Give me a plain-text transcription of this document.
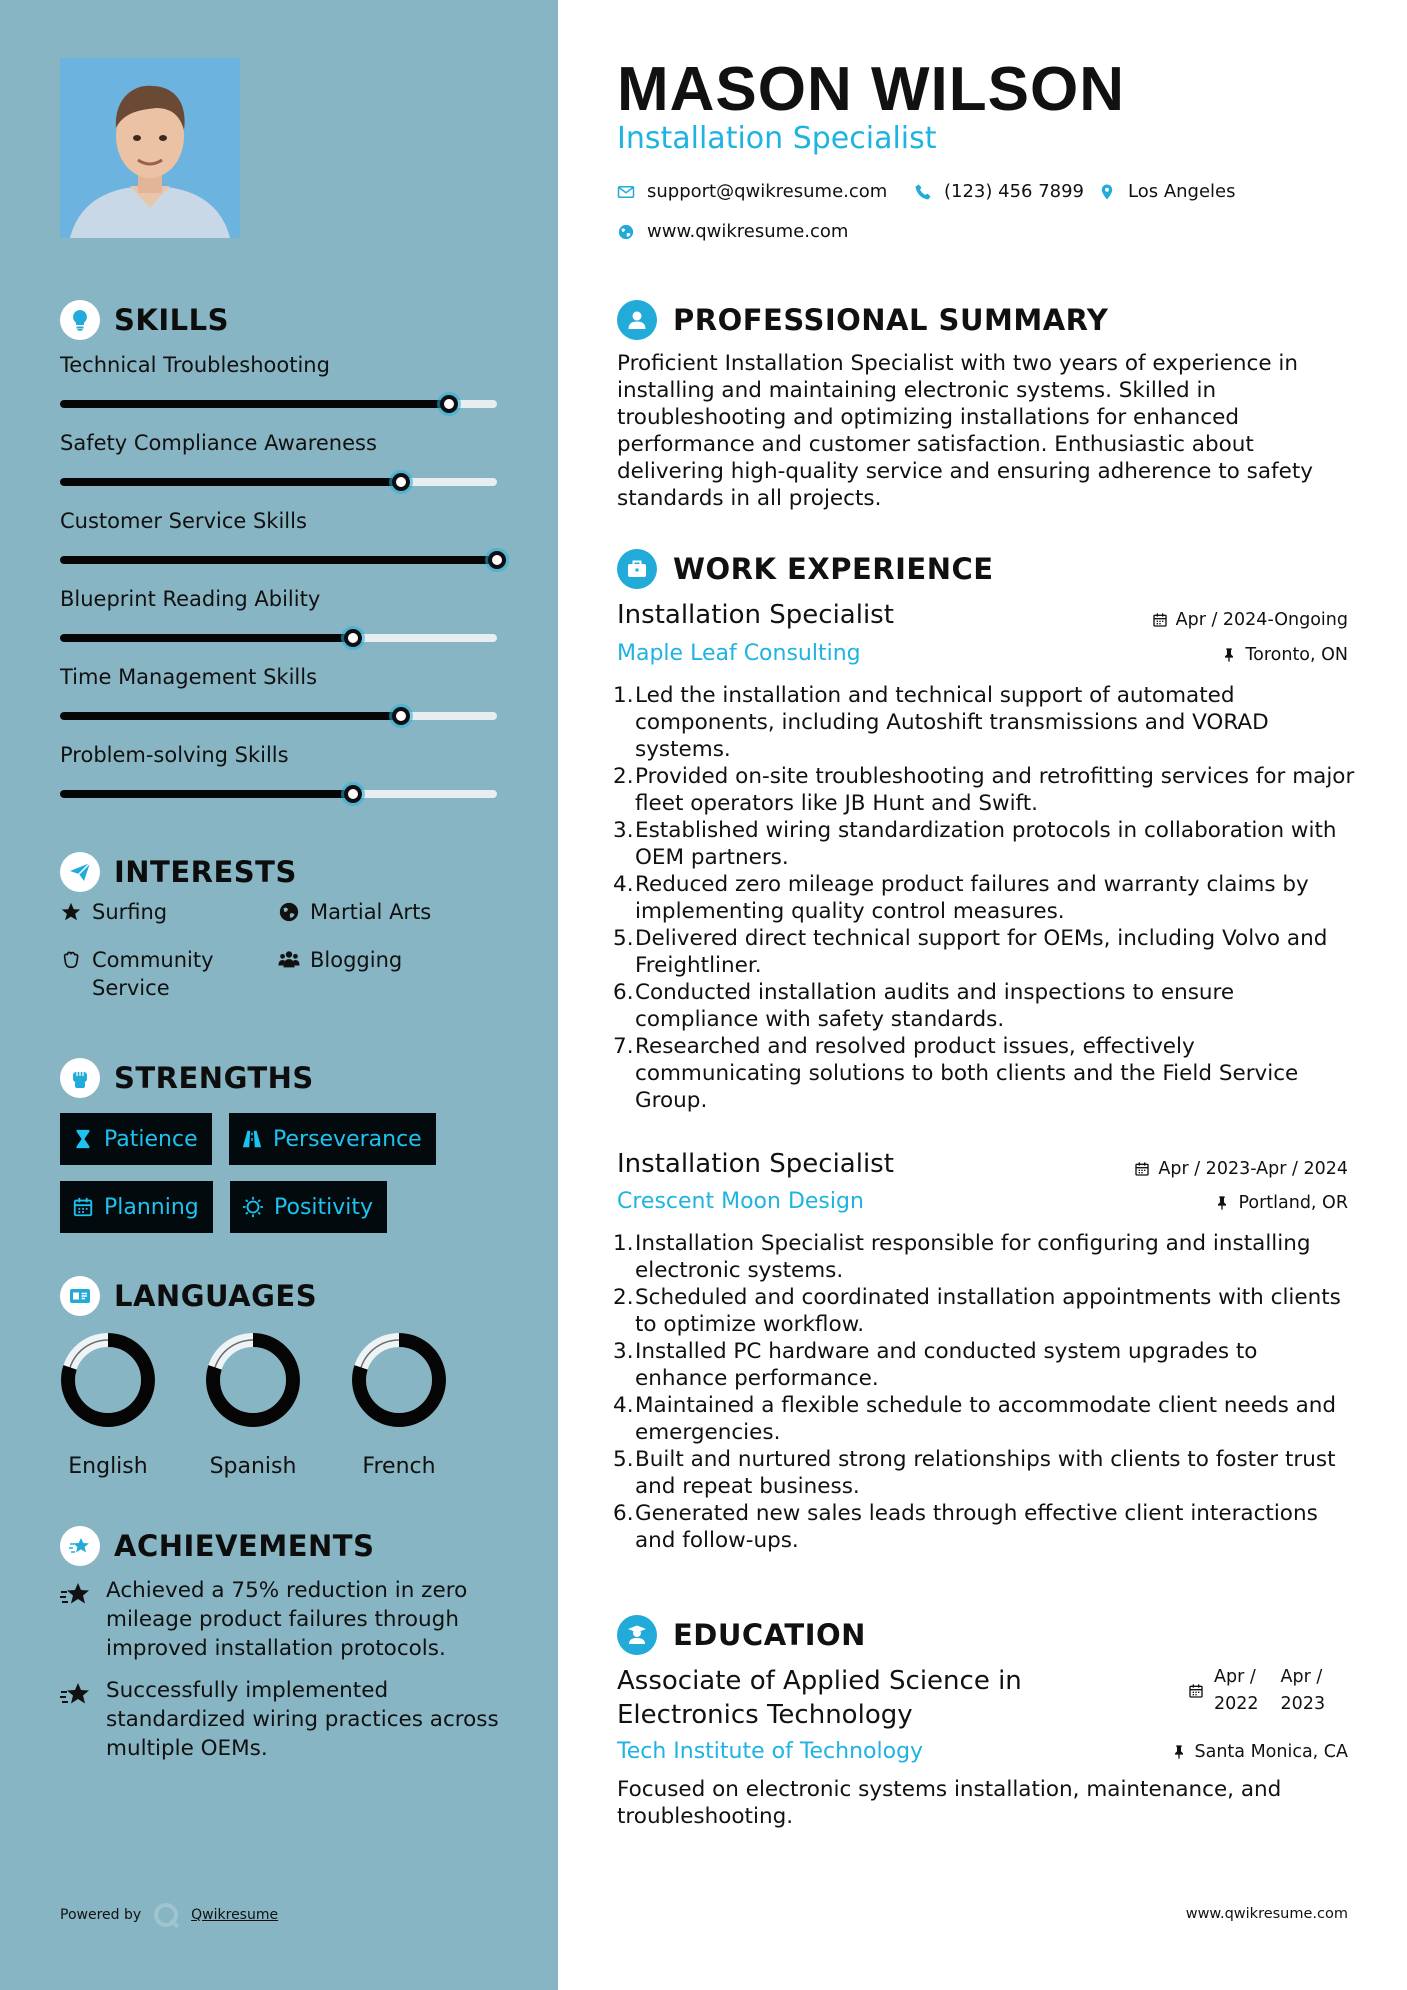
SKILLS
Technical Troubleshooting
Safety Compliance Awareness
Customer Service Skills
Blueprint Reading Ability
Time Management Skills
Problem-solving Skills
INTERESTS
Surfing	Martial Arts
Community Service
Blogging
STRENGTHS
Patience	Perseverance
Planning	Positivity
LANGUAGES
English	Spanish	French
ACHIEVEMENTS
Achieved a 75% reduction in zero mileage product failures through improved installation protocols.
Successfully implemented standardized wiring practices across multiple OEMs.
Powered by	Qwikresume
MASON WILSON
Installation Specialist
support@qwikresume.com	(123) 456 7899 Los Angeles
www.qwikresume.com
PROFESSIONAL SUMMARY
Proficient Installation Specialist with two years of experience in installing and maintaining electronic systems. Skilled in troubleshooting and optimizing installations for enhanced performance and customer satisfaction. Enthusiastic about delivering high-quality service and ensuring adherence to safety standards in all projects.
WORK EXPERIENCE
Installation Specialist	Apr / 2024-Ongoing
Maple Leaf Consulting	Toronto, ON
Led the installation and technical support of automated components, including Autoshift transmissions and VORAD systems.
Provided on-site troubleshooting and retrofitting services for major fleet operators like JB Hunt and Swift.
Established wiring standardization protocols in collaboration with OEM partners.
Reduced zero mileage product failures and warranty claims by implementing quality control measures.
Delivered direct technical support for OEMs, including Volvo and Freightliner.
Conducted installation audits and inspections to ensure compliance with safety standards.
Researched and resolved product issues, effectively communicating solutions to both clients and the Field Service Group.
Installation Specialist	Apr / 2023-Apr / 2024
Crescent Moon Design	Portland, OR
Installation Specialist responsible for configuring and installing electronic systems.
Scheduled and coordinated installation appointments with clients to optimize workflow.
Installed PC hardware and conducted system upgrades to enhance performance.
Maintained a flexible schedule to accommodate client needs and emergencies.
Built and nurtured strong relationships with clients to foster trust and repeat business.
Generated new sales leads through effective client interactions and follow-ups.
EDUCATION
Associate of Applied Science in Electronics Technology
Apr /
2022
Apr /
2023
Tech Institute of Technology	Santa Monica, CA
Focused on electronic systems installation, maintenance, and troubleshooting.
www.qwikresume.com
